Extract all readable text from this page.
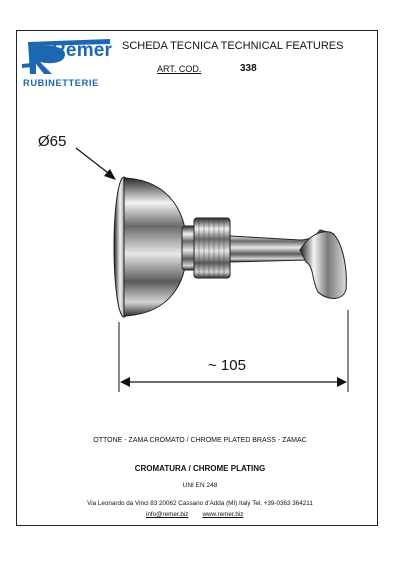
Remer
RUBINETTERIE
SCHEDA TECNICA TECHNICAL FEATURES
ART. COD.	338
Ø65
~ 105
OTTONE - ZAMA CROMATO / CHROME PLATED BRASS - ZAMAC
CROMATURA / CHROME PLATING
UNI EN 248
Via Leonardo da Vinci 83 20062 Cassano d'Adda (MI) Italy Tel. +39-0363 364211
info@remer.biz www.remer.biz
